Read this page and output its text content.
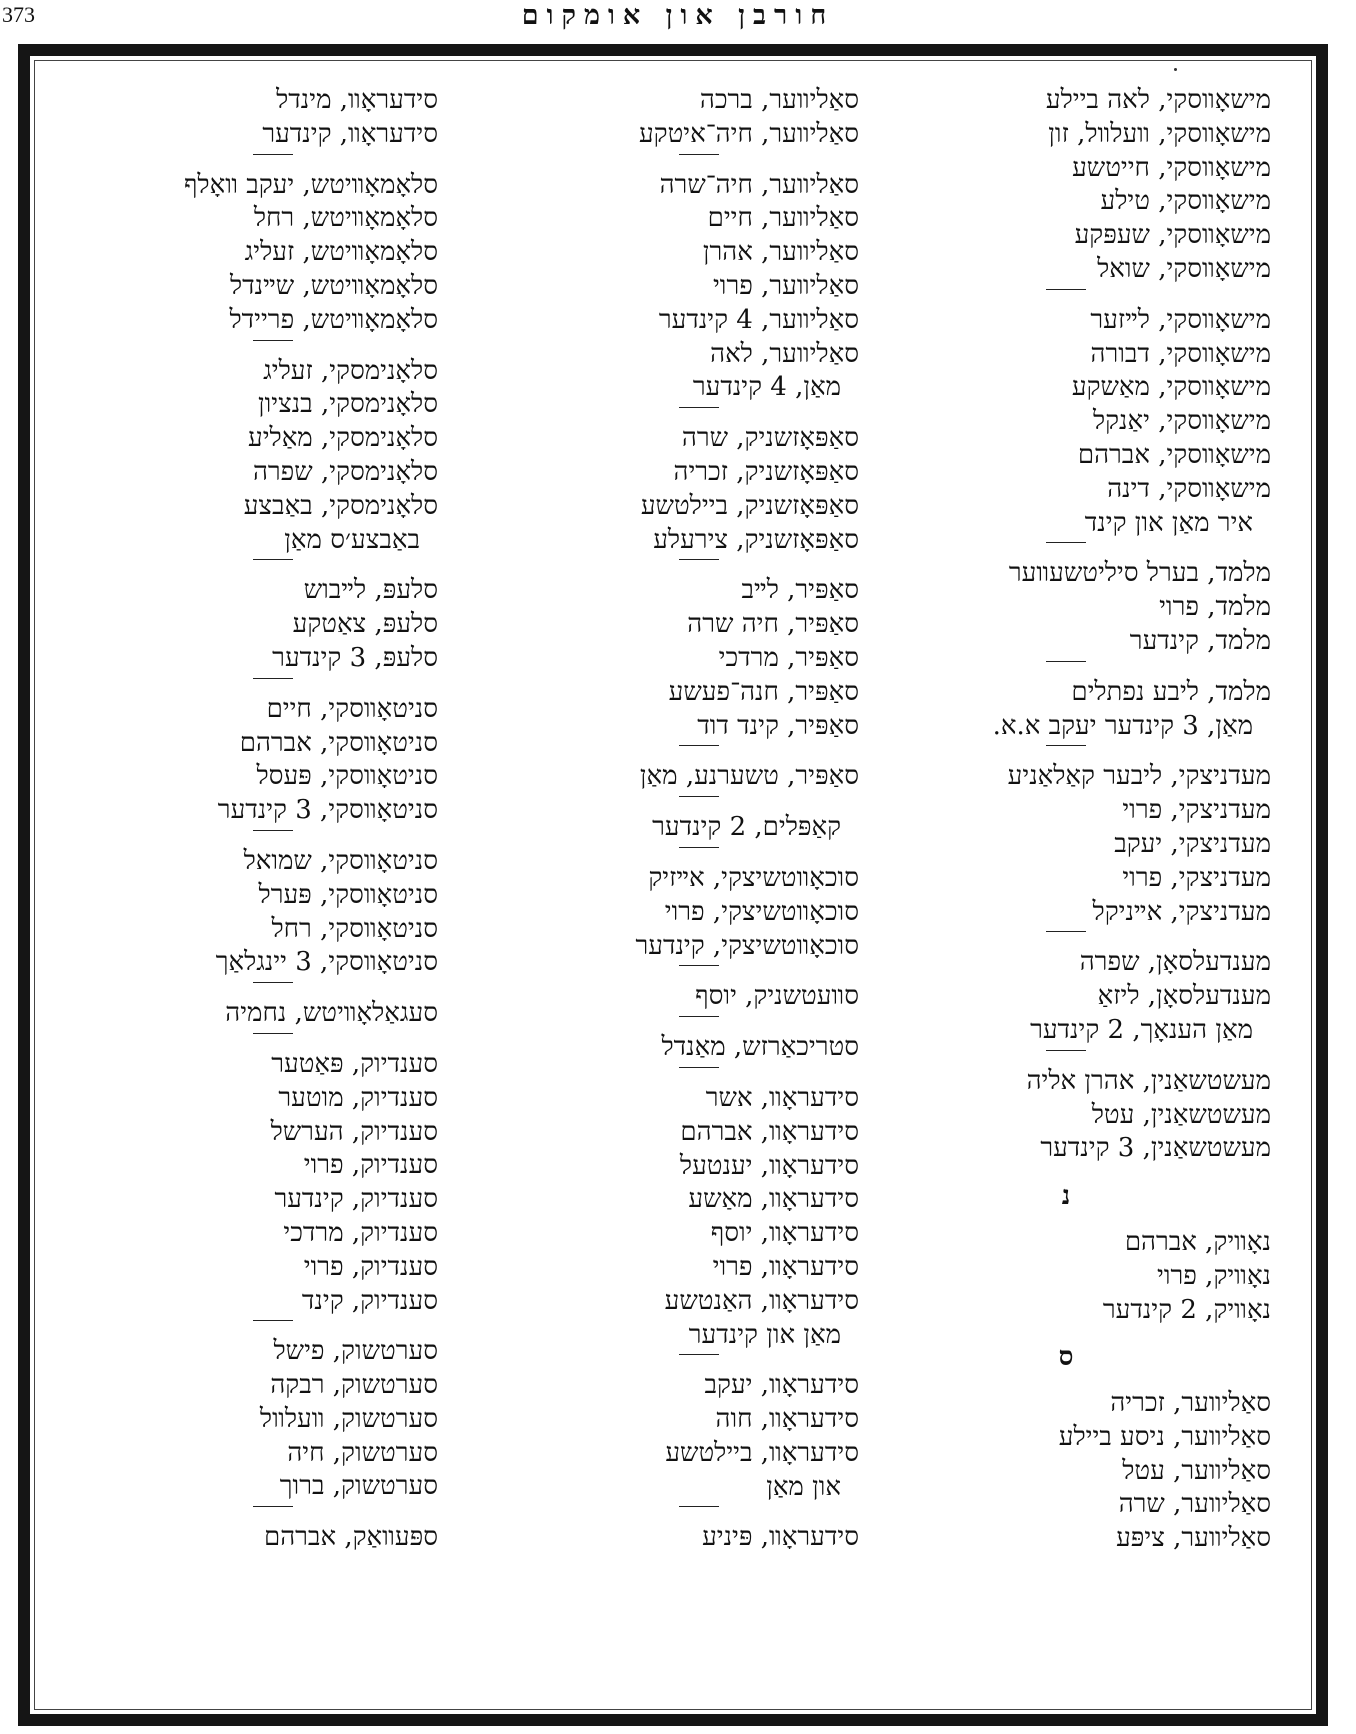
373	חורבן און אומקום
מישאָװסקי, לאה ביילע
מישאָװסקי, װעלװל, זון
מישאָװסקי, חייטשע
מישאָװסקי, טילע
מישאָװסקי, שעפּקע
מישאָװסקי, שואל
מישאָװסקי, לײזער
מישאָװסקי, דבורה
מישאָװסקי, מאַשקע
מישאָװסקי, יאַנקל
מישאָװסקי, אברהם
מישאָװסקי, דינה
איר מאַן און קינד
מלמד, בערל סיליטשעװער
מלמד, פרוי
מלמד, קינדער
מלמד, ליבע נפתלים
מאַן, 3 קינדער יעקב א.א.
מעדניצקי, ליבער קאַלאַניע
מעדניצקי, פרוי
מעדניצקי, יעקב
מעדניצקי, פרוי
מעדניצקי, אײניקל
מענדעלסאָן, שפרה
מענדעלסאָן, ליזאַ
מאַן הענאָך, 2 קינדער
מעשטשאַנין, אהרן אליה
מעשטשאַנין, עטל
מעשטשאַנין, 3 קינדער
נ
נאָװיק, אברהם
נאָװיק, פרוי
נאָװיק, 2 קינדער
ס
סאַליװער, זכריה
סאַליװער, ניסע ביילע
סאַליװער, עטל
סאַליװער, שרה
סאַליװער, ציפּע
סאַליװער, ברכה
סאַליװער, חיה־איטקע
סאַליװער, חיה־שרה
סאַליװער, חיים
סאַליװער, אהרן
סאַליװער, פרוי
סאַליװער, 4 קינדער
סאַליװער, לאה
מאַן, 4 קינדער
סאַפּאָזשניק, שרה
סאַפּאָזשניק, זכריה
סאַפּאָזשניק, ביילטשע
סאַפּאָזשניק, צירעלע
סאַפּיר, לײב
סאַפּיר, חיה שרה
סאַפּיר, מרדכי
סאַפּיר, חנה־פעשע
סאַפּיר, קינד דוד
סאַפּיר, טשערנע, מאַן
קאַפּלים, 2 קינדער
סוכאָװטשיצקי, אײזיק
סוכאָװטשיצקי, פרוי
סוכאָװטשיצקי, קינדער
סװעטשניק, יוסף
סטריכאַרזש, מאַנדל
סידעראָװ, אשר
סידעראָװ, אברהם
סידעראָװ, יענטעל
סידעראָװ, מאַשע
סידעראָװ, יוסף
סידעראָװ, פרוי
סידעראָװ, האַנטשע
מאַן און קינדער
סידעראָװ, יעקב
סידעראָװ, חוה
סידעראָװ, ביילטשע
און מאַן
סידעראָװ, פּיניע
סידעראָװ, מינדל
סידעראָװ, קינדער
סלאָמאָװיטש, יעקב װאָלף
סלאָמאָװיטש, רחל
סלאָמאָװיטש, זעליג
סלאָמאָװיטש, שײנדל
סלאָמאָװיטש, פריידל
סלאָנימסקי, זעליג
סלאָנימסקי, בנציון
סלאָנימסקי, מאַליע
סלאָנימסקי, שפרה
סלאָנימסקי, באַבצע
באַבצע׳ס מאַן
סלעפּ, לײבוש
סלעפּ, צאַטקע
סלעפּ, 3 קינדער
סניטאָװסקי, חיים
סניטאָװסקי, אברהם
סניטאָװסקי, פּעסל
סניטאָװסקי, 3 קינדער
סניטאָװסקי, שמואל
סניטאָװסקי, פּערל
סניטאָװסקי, רחל
סניטאָװסקי, 3 יינגלאַך
סעגאַלאָװיטש, נחמיה
סענדיוק, פּאַטער
סענדיוק, מוטער
סענדיוק, הערשל
סענדיוק, פרוי
סענדיוק, קינדער
סענדיוק, מרדכי
סענדיוק, פרוי
סענדיוק, קינד
סערטשוק, פישל
סערטשוק, רבקה
סערטשוק, װעלװל
סערטשוק, חיה
סערטשוק, ברוך
ספּעװאַק, אברהם
